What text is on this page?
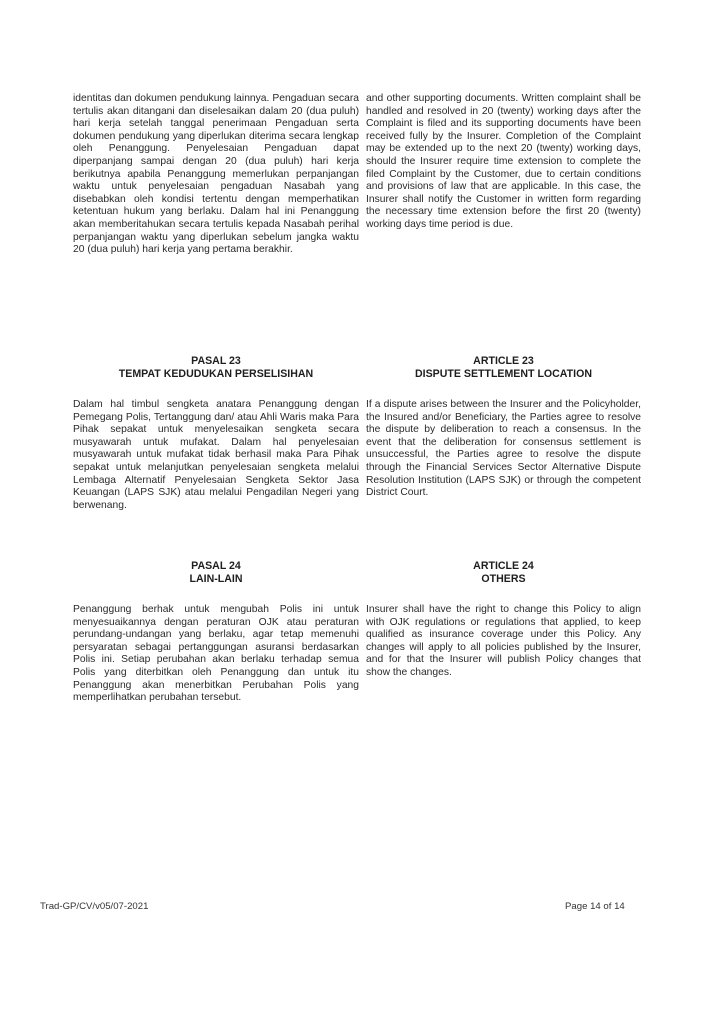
identitas dan dokumen pendukung lainnya. Pengaduan secara tertulis akan ditangani dan diselesaikan dalam 20 (dua puluh) hari kerja setelah tanggal penerimaan Pengaduan serta dokumen pendukung yang diperlukan diterima secara lengkap oleh Penanggung. Penyelesaian Pengaduan dapat diperpanjang sampai dengan 20 (dua puluh) hari kerja berikutnya apabila Penanggung memerlukan perpanjangan waktu untuk penyelesaian pengaduan Nasabah yang disebabkan oleh kondisi tertentu dengan memperhatikan ketentuan hukum yang berlaku. Dalam hal ini Penanggung akan memberitahukan secara tertulis kepada Nasabah perihal perpanjangan waktu yang diperlukan sebelum jangka waktu 20 (dua puluh) hari kerja yang pertama berakhir.

and other supporting documents. Written complaint shall be handled and resolved in 20 (twenty) working days after the Complaint is filed and its supporting documents have been received fully by the Insurer. Completion of the Complaint may be extended up to the next 20 (twenty) working days, should the Insurer require time extension to complete the filed Complaint by the Customer, due to certain conditions and provisions of law that are applicable. In this case, the Insurer shall notify the Customer in written form regarding the necessary time extension before the first 20 (twenty) working days time period is due.

PASAL 23
TEMPAT KEDUDUKAN PERSELISIHAN
ARTICLE 23
DISPUTE SETTLEMENT LOCATION

Dalam hal timbul sengketa anatara Penanggung dengan Pemegang Polis, Tertanggung dan/ atau Ahli Waris maka Para Pihak sepakat untuk menyelesaikan sengketa secara musyawarah untuk mufakat. Dalam hal penyelesaian musyawarah untuk mufakat tidak berhasil maka Para Pihak sepakat untuk melanjutkan penyelesaian sengketa melalui Lembaga Alternatif Penyelesaian Sengketa Sektor Jasa Keuangan (LAPS SJK) atau melalui Pengadilan Negeri yang berwenang.

If a dispute arises between the Insurer and the Policyholder, the Insured and/or Beneficiary, the Parties agree to resolve the dispute by deliberation to reach a consensus. In the event that the deliberation for consensus settlement is unsuccessful, the Parties agree to resolve the dispute through the Financial Services Sector Alternative Dispute Resolution Institution (LAPS SJK) or through the competent District Court.

PASAL 24
LAIN-LAIN
ARTICLE 24
OTHERS

Penanggung berhak untuk mengubah Polis ini untuk menyesuaikannya dengan peraturan OJK atau peraturan perundang-undangan yang berlaku, agar tetap memenuhi persyaratan sebagai pertanggungan asuransi berdasarkan Polis ini. Setiap perubahan akan berlaku terhadap semua Polis yang diterbitkan oleh Penanggung dan untuk itu Penanggung akan menerbitkan Perubahan Polis yang memperlihatkan perubahan tersebut.

Insurer shall have the right to change this Policy to align with OJK regulations or regulations that applied, to keep qualified as insurance coverage under this Policy. Any changes will apply to all policies published by the Insurer, and for that the Insurer will publish Policy changes that show the changes.

Trad-GP/CV/v05/07-2021	Page 14 of 14
